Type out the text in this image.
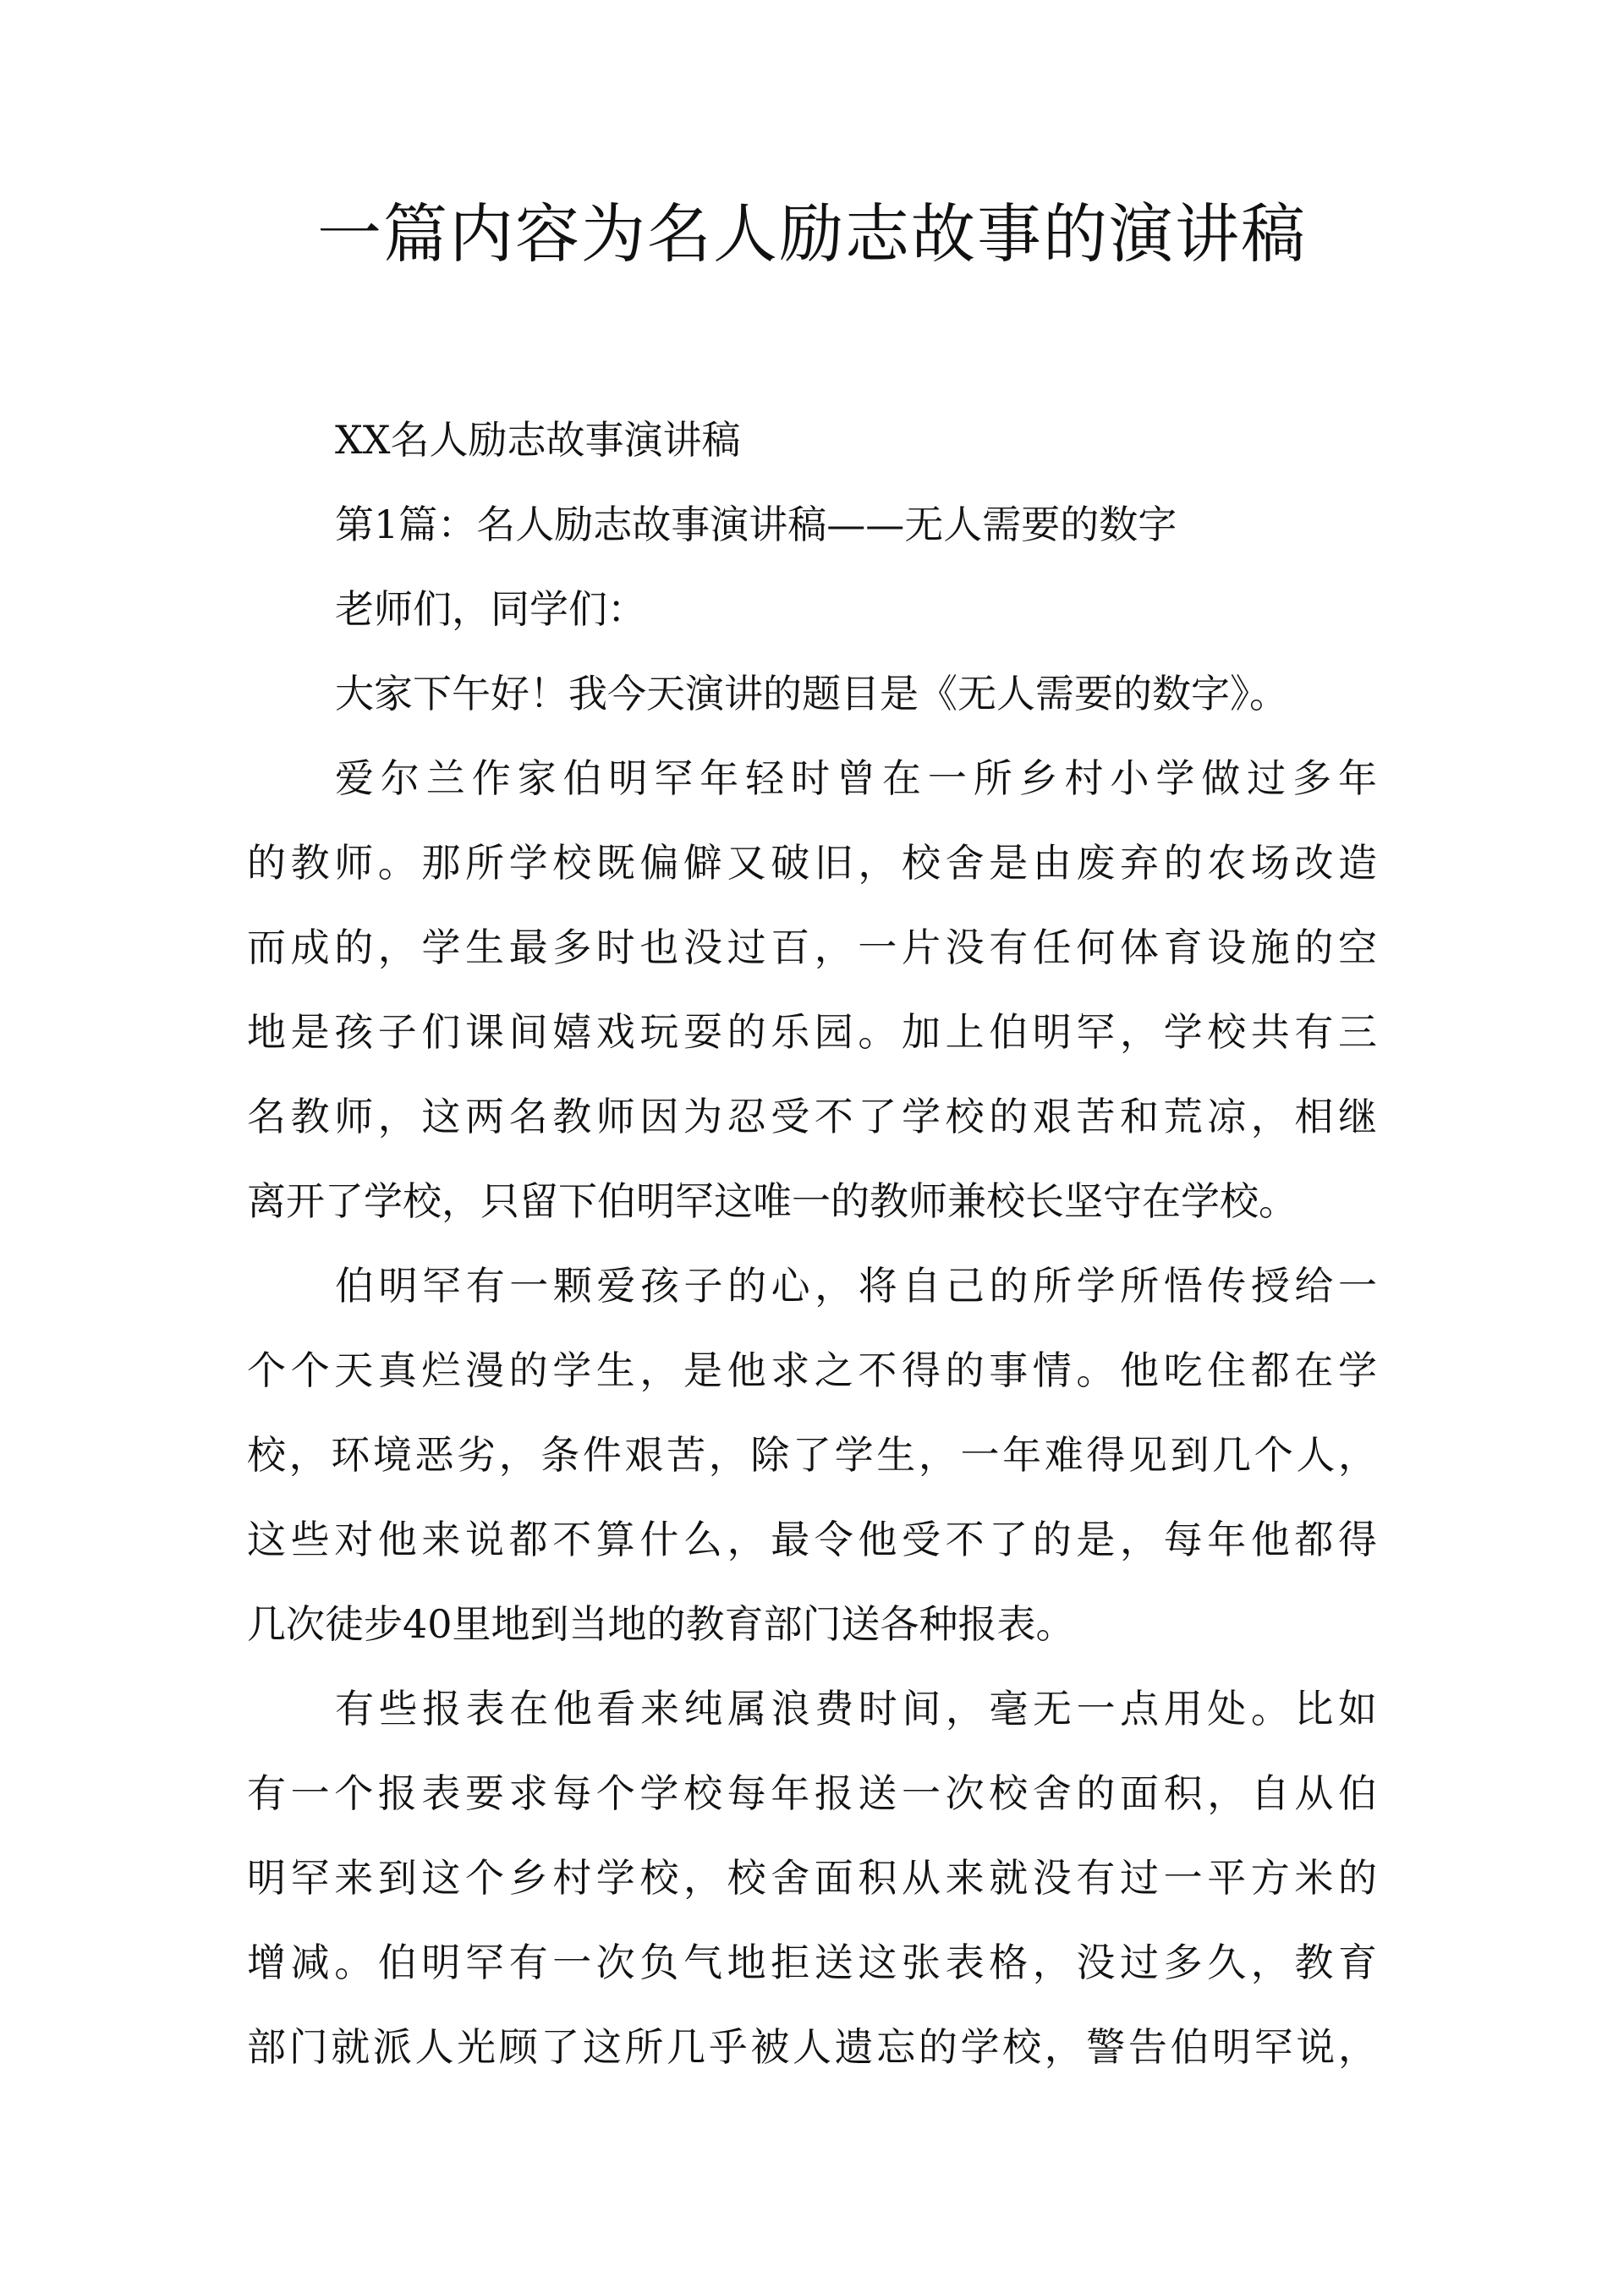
一篇内容为名人励志故事的演讲稿

XX名人励志故事演讲稿

第1篇：名人励志故事演讲稿——无人需要的数字

老师们，同学们：

大家下午好！我今天演讲的题目是《无人需要的数字》。

爱尔兰作家伯明罕年轻时曾在一所乡村小学做过多年

的教师。那所学校既偏僻又破旧，校舍是由废弃的农场改造

而成的，学生最多时也没过百，一片没有任何体育设施的空

地是孩子们课间嬉戏玩耍的乐园。加上伯明罕，学校共有三

名教师，这两名教师因为忍受不了学校的艰苦和荒凉，相继

离开了学校，只留下伯明罕这唯一的教师兼校长坚守在学校。

伯明罕有一颗爱孩子的心，将自己的所学所悟传授给一

个个天真烂漫的学生，是他求之不得的事情。他吃住都在学

校，环境恶劣，条件艰苦，除了学生，一年难得见到几个人，

这些对他来说都不算什么，最令他受不了的是，每年他都得

几次徒步40里地到当地的教育部门送各种报表。

有些报表在他看来纯属浪费时间，毫无一点用处。比如

有一个报表要求每个学校每年报送一次校舍的面积，自从伯

明罕来到这个乡村学校，校舍面积从来就没有过一平方米的

增减。伯明罕有一次负气地拒送这张表格，没过多久，教育

部门就派人光顾了这所几乎被人遗忘的学校，警告伯明罕说，
